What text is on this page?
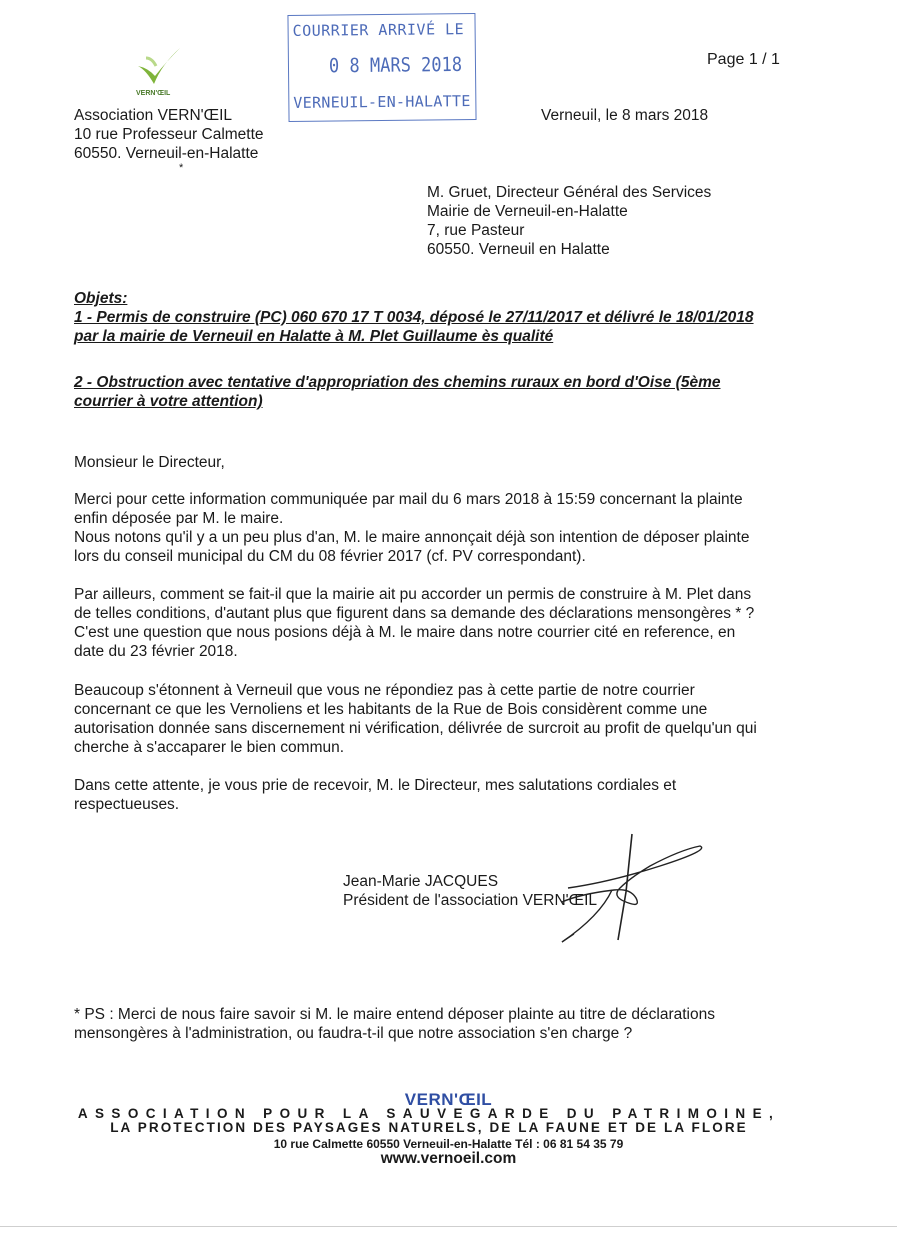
VERN'ŒIL
COURRIER ARRIVÉ LE
0 8 MARS 2018
VERNEUIL-EN-HALATTE
Page 1 / 1
Association VERN'ŒIL
10 rue Professeur Calmette
60550. Verneuil-en-Halatte
*
Verneuil, le 8 mars 2018
M. Gruet, Directeur Général des Services
Mairie de Verneuil-en-Halatte
7, rue Pasteur
60550. Verneuil en Halatte
Objets:
1 - Permis de construire (PC) 060 670 17 T 0034, déposé le 27/11/2017 et délivré le 18/01/2018
par la mairie de Verneuil en Halatte à M. Plet Guillaume ès qualité
2 - Obstruction avec tentative d'appropriation des chemins ruraux en bord d'Oise (5ème
courrier à votre attention)
Monsieur le Directeur,
Merci pour cette information communiquée par mail du 6 mars 2018 à 15:59 concernant la plainte
enfin déposée par M. le maire.
Nous notons qu'il y a un peu plus d'an, M. le maire annonçait déjà son intention de déposer plainte
lors du conseil municipal du CM du 08 février 2017 (cf. PV correspondant).
Par ailleurs, comment se fait-il que la mairie ait pu accorder un permis de construire à M. Plet dans
de telles conditions, d'autant plus que figurent dans sa demande des déclarations mensongères * ?
C'est une question que nous posions déjà à M. le maire dans notre courrier cité en reference, en
date du 23 février 2018.
Beaucoup s'étonnent à Verneuil que vous ne répondiez pas à cette partie de notre courrier
concernant ce que les Vernoliens et les habitants de la Rue de Bois considèrent comme une
autorisation donnée sans discernement ni vérification, délivrée de surcroit au profit de quelqu'un qui
cherche à s'accaparer le bien commun.
Dans cette attente, je vous prie de recevoir, M. le Directeur, mes salutations cordiales et
respectueuses.
Jean-Marie JACQUES
Président de l'association VERN'ŒIL
* PS : Merci de nous faire savoir si M. le maire entend déposer plainte au titre de déclarations
mensongères à l'administration, ou faudra-t-il que notre association s'en charge ?
VERN'ŒIL
ASSOCIATION POUR LA SAUVEGARDE DU PATRIMOINE,
LA PROTECTION DES PAYSAGES NATURELS, DE LA FAUNE ET DE LA FLORE
10 rue Calmette 60550 Verneuil-en-Halatte Tél : 06 81 54 35 79
www.vernoeil.com
